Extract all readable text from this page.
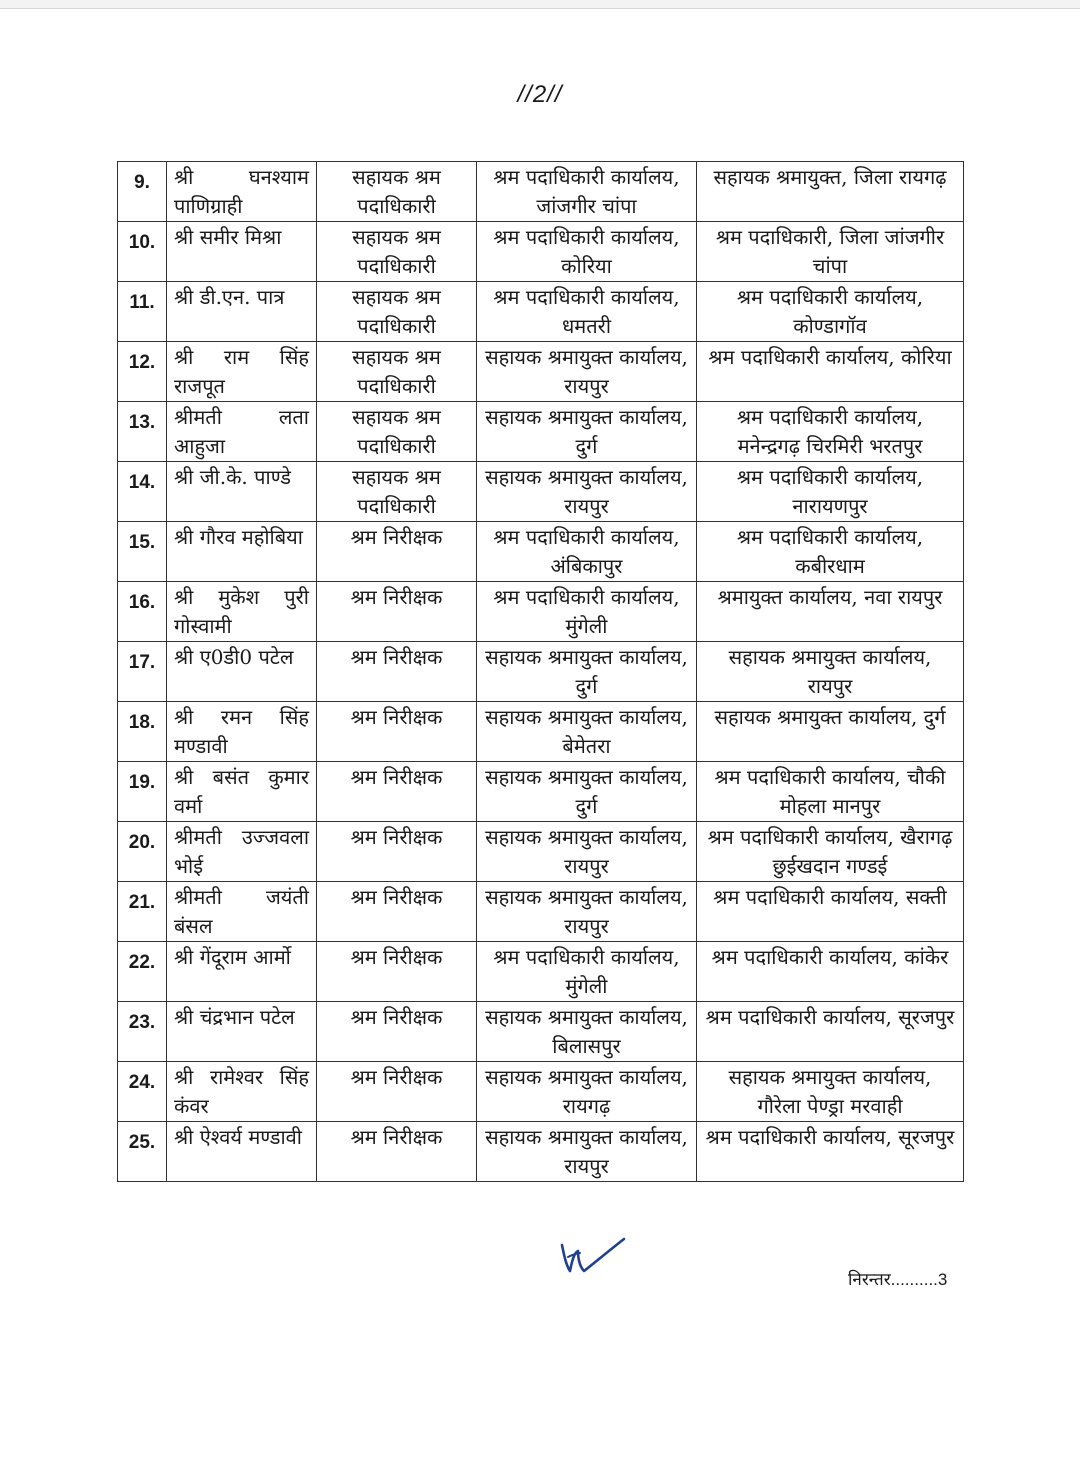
//2//
9.	श्री घनश्याम पाणिग्राही	सहायक श्रम पदाधिकारी	श्रम पदाधिकारी कार्यालय, जांजगीर चांपा	सहायक श्रमायुक्त, जिला रायगढ़
10.	श्री समीर मिश्रा	सहायक श्रम पदाधिकारी	श्रम पदाधिकारी कार्यालय, कोरिया	श्रम पदाधिकारी, जिला जांजगीर चांपा
11.	श्री डी.एन. पात्र	सहायक श्रम पदाधिकारी	श्रम पदाधिकारी कार्यालय, धमतरी	श्रम पदाधिकारी कार्यालय, कोण्डागॉव
12.	श्री राम सिंह राजपूत	सहायक श्रम पदाधिकारी	सहायक श्रमायुक्त कार्यालय, रायपुर	श्रम पदाधिकारी कार्यालय, कोरिया
13.	श्रीमती लता आहुजा	सहायक श्रम पदाधिकारी	सहायक श्रमायुक्त कार्यालय, दुर्ग	श्रम पदाधिकारी कार्यालय, मनेन्द्रगढ़ चिरमिरी भरतपुर
14.	श्री जी.के. पाण्डे	सहायक श्रम पदाधिकारी	सहायक श्रमायुक्त कार्यालय, रायपुर	श्रम पदाधिकारी कार्यालय, नारायणपुर
15.	श्री गौरव महोबिया	श्रम निरीक्षक	श्रम पदाधिकारी कार्यालय, अंबिकापुर	श्रम पदाधिकारी कार्यालय, कबीरधाम
16.	श्री मुकेश पुरी गोस्वामी	श्रम निरीक्षक	श्रम पदाधिकारी कार्यालय, मुंगेली	श्रमायुक्त कार्यालय, नवा रायपुर
17.	श्री ए0डी0 पटेल	श्रम निरीक्षक	सहायक श्रमायुक्त कार्यालय, दुर्ग	सहायक श्रमायुक्त कार्यालय, रायपुर
18.	श्री रमन सिंह मण्डावी	श्रम निरीक्षक	सहायक श्रमायुक्त कार्यालय, बेमेतरा	सहायक श्रमायुक्त कार्यालय, दुर्ग
19.	श्री बसंत कुमार वर्मा	श्रम निरीक्षक	सहायक श्रमायुक्त कार्यालय, दुर्ग	श्रम पदाधिकारी कार्यालय, चौकी मोहला मानपुर
20.	श्रीमती उज्जवला भोई	श्रम निरीक्षक	सहायक श्रमायुक्त कार्यालय, रायपुर	श्रम पदाधिकारी कार्यालय, खैरागढ़ छुईखदान गण्डई
21.	श्रीमती जयंती बंसल	श्रम निरीक्षक	सहायक श्रमायुक्त कार्यालय, रायपुर	श्रम पदाधिकारी कार्यालय, सक्ती
22.	श्री गेंदूराम आर्मो	श्रम निरीक्षक	श्रम पदाधिकारी कार्यालय, मुंगेली	श्रम पदाधिकारी कार्यालय, कांकेर
23.	श्री चंद्रभान पटेल	श्रम निरीक्षक	सहायक श्रमायुक्त कार्यालय, बिलासपुर	श्रम पदाधिकारी कार्यालय, सूरजपुर
24.	श्री रामेश्वर सिंह कंवर	श्रम निरीक्षक	सहायक श्रमायुक्त कार्यालय, रायगढ़	सहायक श्रमायुक्त कार्यालय, गौरेला पेण्ड्रा मरवाही
25.	श्री ऐश्वर्य मण्डावी	श्रम निरीक्षक	सहायक श्रमायुक्त कार्यालय, रायपुर	श्रम पदाधिकारी कार्यालय, सूरजपुर
निरन्तर..........3
